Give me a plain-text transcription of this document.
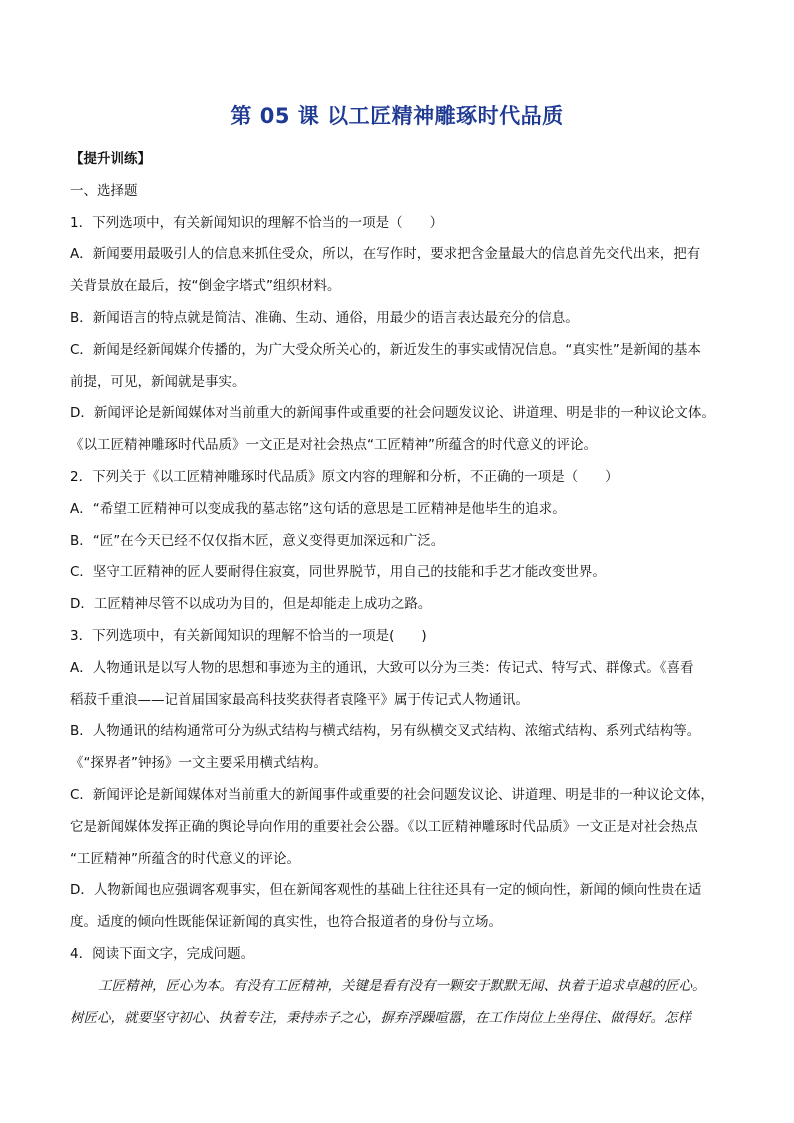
第 05 课 以工匠精神雕琢时代品质
【提升训练】
一、选择题
1．下列选项中，有关新闻知识的理解不恰当的一项是（　　）
A．新闻要用最吸引人的信息来抓住受众，所以，在写作时，要求把含金量最大的信息首先交代出来，把有
关背景放在最后，按“倒金字塔式”组织材料。
B．新闻语言的特点就是简洁、准确、生动、通俗，用最少的语言表达最充分的信息。
C．新闻是经新闻媒介传播的，为广大受众所关心的，新近发生的事实或情况信息。“真实性”是新闻的基本
前提，可见，新闻就是事实。
D．新闻评论是新闻媒体对当前重大的新闻事件或重要的社会问题发议论、讲道理、明是非的一种议论文体。
《以工匠精神雕琢时代品质》一文正是对社会热点“工匠精神”所蕴含的时代意义的评论。
2．下列关于《以工匠精神雕琢时代品质》原文内容的理解和分析，不正确的一项是（　　）
A．“希望工匠精神可以变成我的墓志铭”这句话的意思是工匠精神是他毕生的追求。
B．“匠”在今天已经不仅仅指木匠，意义变得更加深远和广泛。
C．坚守工匠精神的匠人要耐得住寂寞，同世界脱节，用自己的技能和手艺才能改变世界。
D．工匠精神尽管不以成功为目的，但是却能走上成功之路。
3．下列选项中，有关新闻知识的理解不恰当的一项是(　　)
A．人物通讯是以写人物的思想和事迹为主的通讯，大致可以分为三类：传记式、特写式、群像式。《喜看
稻菽千重浪——记首届国家最高科技奖获得者袁隆平》属于传记式人物通讯。
B．人物通讯的结构通常可分为纵式结构与横式结构，另有纵横交叉式结构、浓缩式结构、系列式结构等。
《“探界者”钟扬》一文主要采用横式结构。
C．新闻评论是新闻媒体对当前重大的新闻事件或重要的社会问题发议论、讲道理、明是非的一种议论文体，
它是新闻媒体发挥正确的舆论导向作用的重要社会公器。《以工匠精神雕琢时代品质》一文正是对社会热点
“工匠精神”所蕴含的时代意义的评论。
D．人物新闻也应强调客观事实，但在新闻客观性的基础上往往还具有一定的倾向性，新闻的倾向性贵在适
度。适度的倾向性既能保证新闻的真实性，也符合报道者的身份与立场。
4．阅读下面文字，完成问题。
工匠精神，匠心为本。有没有工匠精神，关键是看有没有一颗安于默默无闻、执着于追求卓越的匠心。
树匠心，就要坚守初心、执着专注，秉持赤子之心，摒弃浮躁喧嚣，在工作岗位上坐得住、做得好。怎样
